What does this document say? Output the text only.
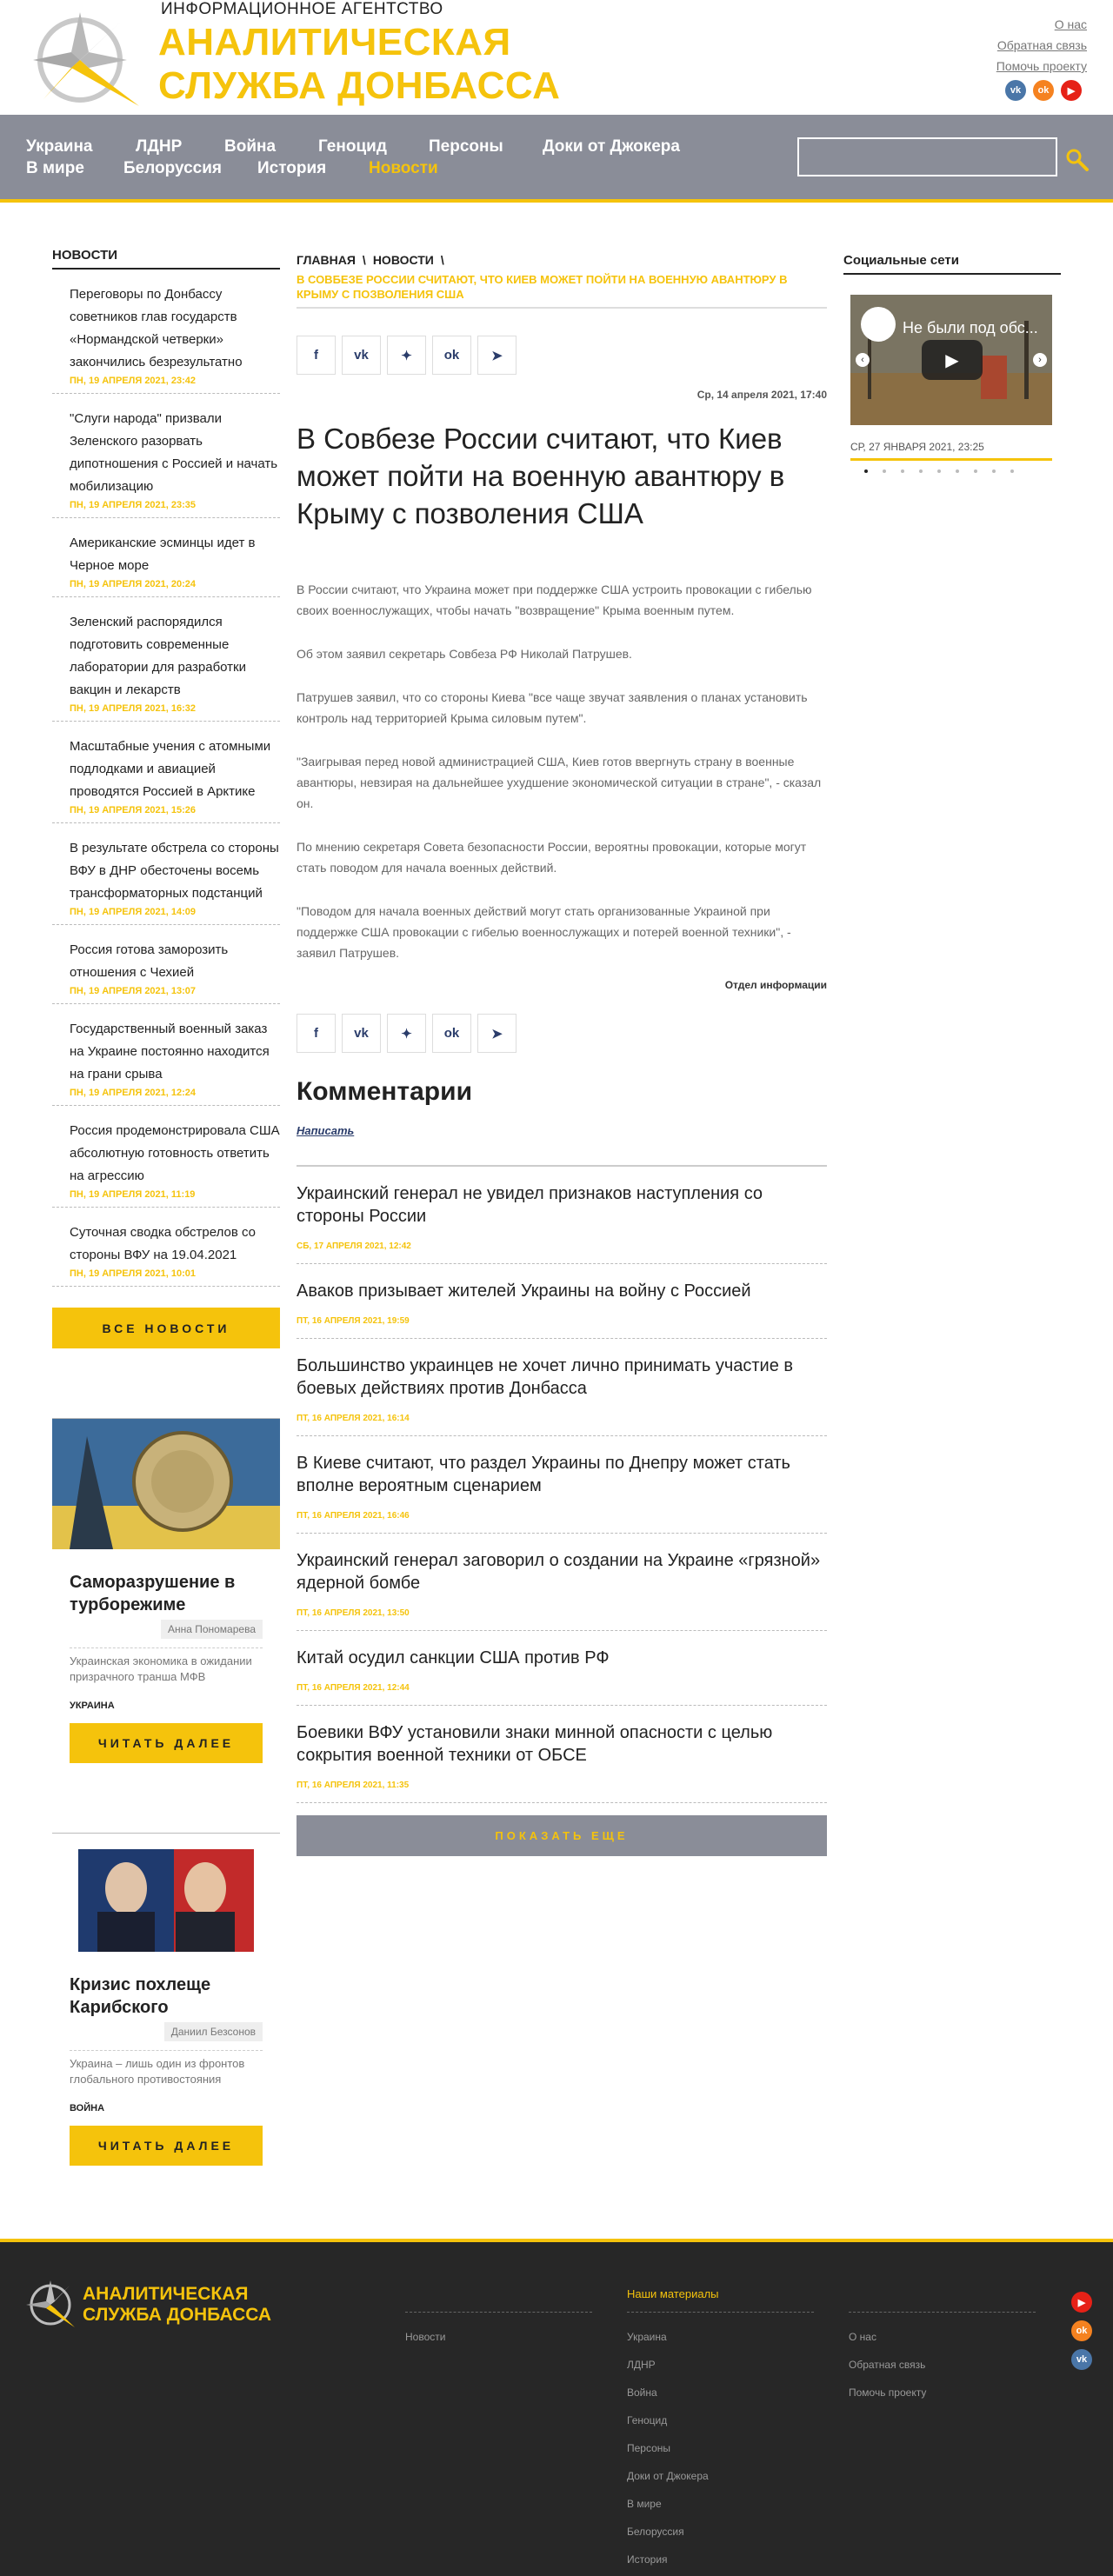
ИНФОРМАЦИОННОЕ АГЕНТСТВО
АНАЛИТИЧЕСКАЯ
СЛУЖБА ДОНБАССА
О нас
Обратная связь
Помочь проекту
vk	ok	▶
Украина	ЛДНР	Война	Геноцид	Персоны Доки от Джокера
В мире Белоруссия История	Новости
НОВОСТИ
Переговоры по Донбассу советников глав государств «Нормандской четверки» закончились безрезультатно
ПН, 19 АПРЕЛЯ 2021, 23:42
"Слуги народа" призвали Зеленского разорвать дипотношения с Россией и начать мобилизацию
ПН, 19 АПРЕЛЯ 2021, 23:35
Американские эсминцы идет в Черное море
ПН, 19 АПРЕЛЯ 2021, 20:24
Зеленский распорядился подготовить современные лаборатории для разработки вакцин и лекарств
ПН, 19 АПРЕЛЯ 2021, 16:32
Масштабные учения с атомными подлодками и авиацией проводятся Россией в Арктике
ПН, 19 АПРЕЛЯ 2021, 15:26
В результате обстрела со стороны ВФУ в ДНР обесточены восемь трансформаторных подстанций
ПН, 19 АПРЕЛЯ 2021, 14:09
Россия готова заморозить отношения с Чехией
ПН, 19 АПРЕЛЯ 2021, 13:07
Государственный военный заказ на Украине постоянно находится на грани срыва
ПН, 19 АПРЕЛЯ 2021, 12:24
Россия продемонстрировала США абсолютную готовность ответить на агрессию
ПН, 19 АПРЕЛЯ 2021, 11:19
Суточная сводка обстрелов со стороны ВФУ на 19.04.2021
ПН, 19 АПРЕЛЯ 2021, 10:01
ВСЕ НОВОСТИ
Саморазрушение в турборежиме
Анна Пономарева
Украинская экономика в ожидании призрачного транша МФВ
УКРАИНА
ЧИТАТЬ ДАЛЕЕ
Кризис похлеще Карибского
Даниил Безсонов
Украина – лишь один из фронтов глобального противостояния
ВОЙНА
ЧИТАТЬ ДАЛЕЕ
ГЛАВНАЯ \ НОВОСТИ \
В СОВБЕЗЕ РОССИИ СЧИТАЮТ, ЧТО КИЕВ МОЖЕТ ПОЙТИ НА ВОЕННУЮ АВАНТЮРУ В КРЫМУ С ПОЗВОЛЕНИЯ США
f	vk	✦	ok	➤
Ср, 14 апреля 2021, 17:40
В Совбезе России считают, что Киев может пойти на военную авантюру в Крыму с позволения США

В России считают, что Украина может при поддержке США устроить провокации с гибелью своих военнослужащих, чтобы начать "возвращение" Крыма военным путем.

Об этом заявил секретарь Совбеза РФ Николай Патрушев.

Патрушев заявил, что со стороны Киева "все чаще звучат заявления о планах установить контроль над территорией Крыма силовым путем".

"Заигрывая перед новой администрацией США, Киев готов ввергнуть страну в военные авантюры, невзирая на дальнейшее ухудшение экономической ситуации в стране", - сказал он.

По мнению секретаря Совета безопасности России, вероятны провокации, которые могут стать поводом для начала военных действий.

"Поводом для начала военных действий могут стать организованные Украиной при поддержке США провокации с гибелью военнослужащих и потерей военной техники", - заявил Патрушев.

Отдел информации
f	vk	✦	ok	➤
Комментарии
Написать
Украинский генерал не увидел признаков наступления со стороны России
СБ, 17 АПРЕЛЯ 2021, 12:42
Аваков призывает жителей Украины на войну с Россией
ПТ, 16 АПРЕЛЯ 2021, 19:59
Большинство украинцев не хочет лично принимать участие в боевых действиях против Донбасса
ПТ, 16 АПРЕЛЯ 2021, 16:14
В Киеве считают, что раздел Украины по Днепру может стать вполне вероятным сценарием
ПТ, 16 АПРЕЛЯ 2021, 16:46
Украинский генерал заговорил о создании на Украине «грязной» ядерной бомбе
ПТ, 16 АПРЕЛЯ 2021, 13:50
Китай осудил санкции США против РФ
ПТ, 16 АПРЕЛЯ 2021, 12:44
Боевики ВФУ установили знаки минной опасности с целью сокрытия военной техники от ОБСЕ
ПТ, 16 АПРЕЛЯ 2021, 11:35
ПОКАЗАТЬ ЕЩЕ
Социальные сети
Не были под обс...
▶
‹	›
СР, 27 ЯНВАРЯ 2021, 23:25
АНАЛИТИЧЕСКАЯ
СЛУЖБА ДОНБАССА
Новости
Наши материалы
Украина
ЛДНР
Война
Геноцид
Персоны
Доки от Джокера
В мире
Белоруссия
История
О нас
Обратная связь
Помочь проекту
▶
ok
vk
